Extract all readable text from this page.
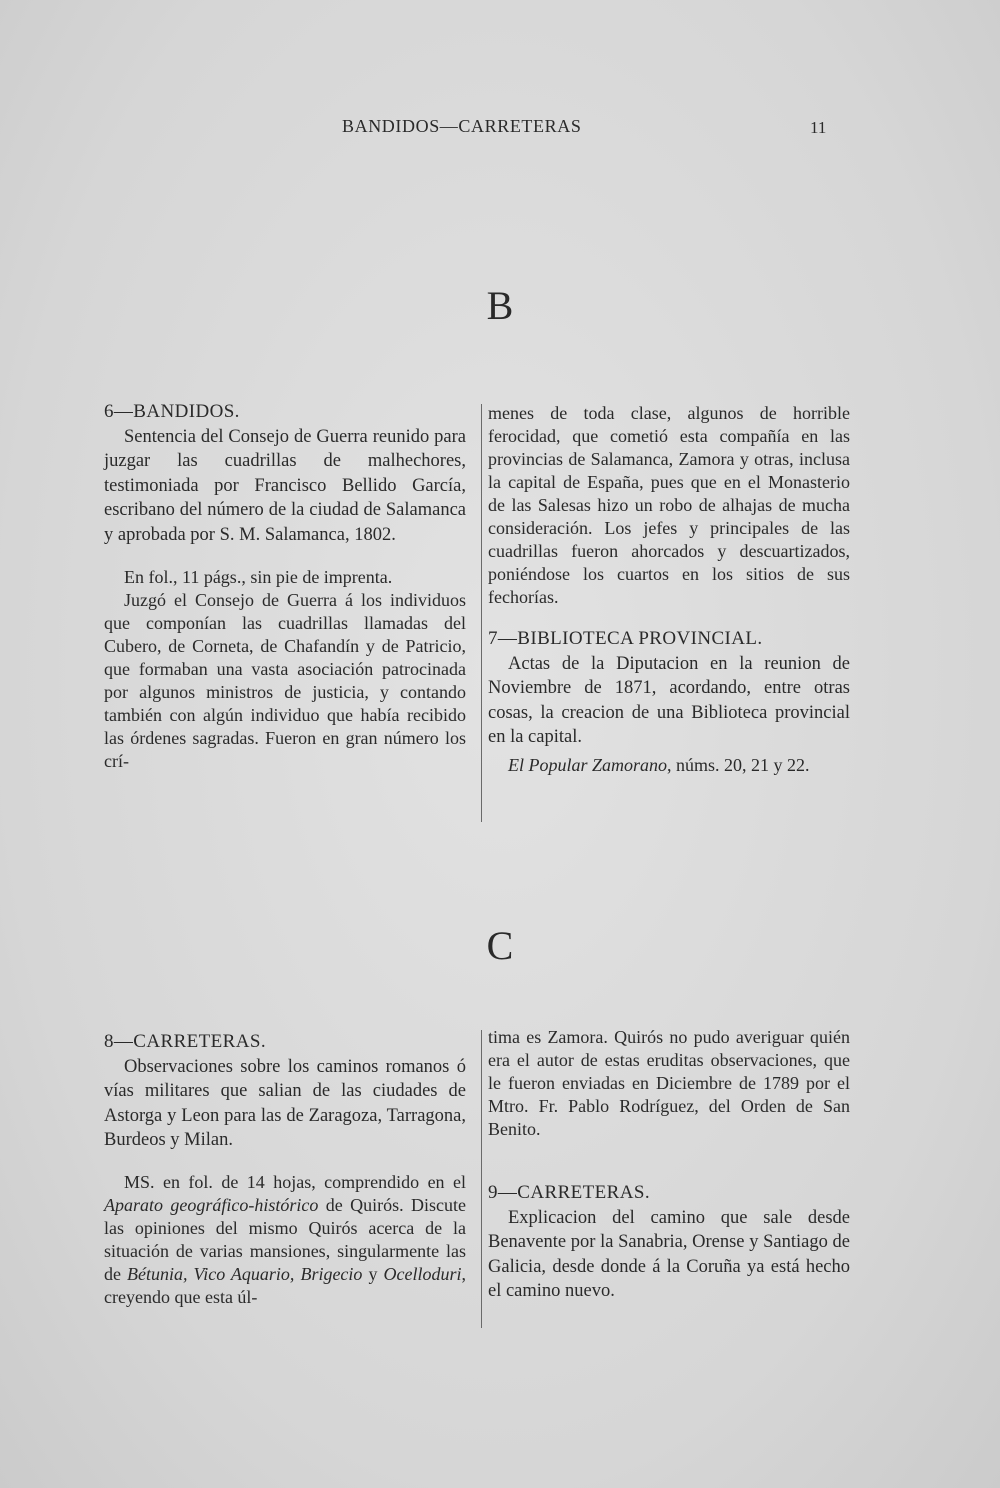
BANDIDOS—CARRETERAS	11
B

6—BANDIDOS.

Sentencia del Consejo de Guerra reunido para juzgar las cuadrillas de malhechores, testimoniada por Francisco Bellido García, escribano del número de la ciudad de Salamanca y aprobada por S. M. Salamanca, 1802.

En fol., 11 págs., sin pie de imprenta.

Juzgó el Consejo de Guerra á los individuos que componían las cuadrillas llamadas del Cubero, de Corneta, de Chafandín y de Patricio, que formaban una vasta asociación patrocinada por algunos ministros de justicia, y contando también con algún individuo que había recibido las órdenes sagradas. Fueron en gran número los crí-

menes de toda clase, algunos de horrible ferocidad, que cometió esta compañía en las provincias de Salamanca, Zamora y otras, inclusa la capital de España, pues que en el Monasterio de las Salesas hizo un robo de alhajas de mucha consideración. Los jefes y principales de las cuadrillas fueron ahorcados y descuartizados, poniéndose los cuartos en los sitios de sus fechorías.

7—BIBLIOTECA PROVINCIAL.

Actas de la Diputacion en la reunion de Noviembre de 1871, acordando, entre otras cosas, la creacion de una Biblioteca provincial en la capital.

El Popular Zamorano, núms. 20, 21 y 22.

C

8—CARRETERAS.

Observaciones sobre los caminos romanos ó vías militares que salian de las ciudades de Astorga y Leon para las de Zaragoza, Tarragona, Burdeos y Milan.

MS. en fol. de 14 hojas, comprendido en el Aparato geográfico-histórico de Quirós. Discute las opiniones del mismo Quirós acerca de la situación de varias mansiones, singularmente las de Bétunia, Vico Aquario, Brigecio y Ocelloduri, creyendo que esta úl-

tima es Zamora. Quirós no pudo averiguar quién era el autor de estas eruditas observaciones, que le fueron enviadas en Diciembre de 1789 por el Mtro. Fr. Pablo Rodríguez, del Orden de San Benito.

9—CARRETERAS.

Explicacion del camino que sale desde Benavente por la Sanabria, Orense y Santiago de Galicia, desde donde á la Coruña ya está hecho el camino nuevo.
